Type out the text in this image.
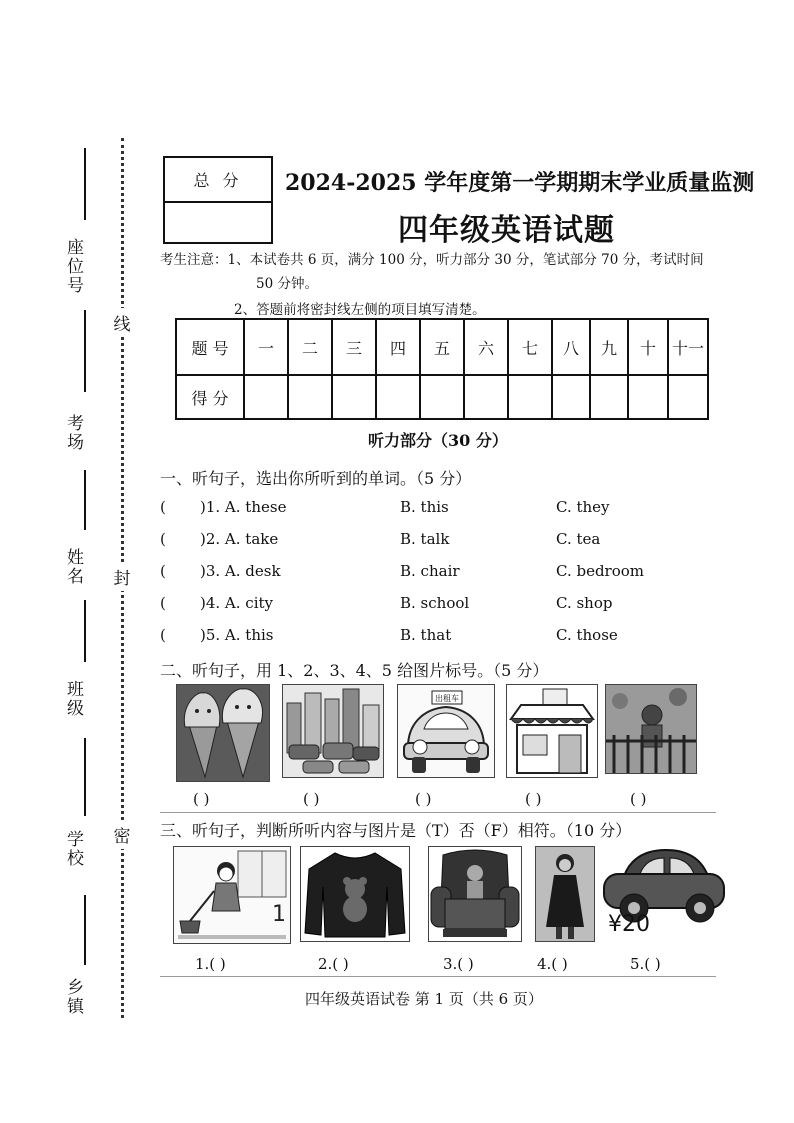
座位号
考场
姓名
班级
学校
乡镇
线
封
密
总 分	2024-2025 学年度第一学期期末学业质量监测
四年级英语试题
考生注意：1、本试卷共 6 页，满分 100 分，听力部分 30 分，笔试部分 70 分，考试时间
50 分钟。
2、答题前将密封线左侧的项目填写清楚。
题 号	一	二	三	四	五	六	七	八	九	十	十一
得 分											
听力部分（30 分）
一、听句子，选出你所听到的单词。（5 分）
( )1. A. these	B. this	C. they
( )2. A. take	B. talk	C. tea
( )3. A. desk	B. chair	C. bedroom
( )4. A. city	B. school	C. shop
( )5. A. this	B. that	C. those
二、听句子，用 1、2、3、4、5 给图片标号。（5 分）
出租车
( )	( )	( )	( )	( )
三、听句子，判断所听内容与图片是（T）否（F）相符。（10 分）
1	¥20
1.( )	2.( )	3.( )	4.( )	5.( )
四年级英语试卷 第 1 页（共 6 页）
